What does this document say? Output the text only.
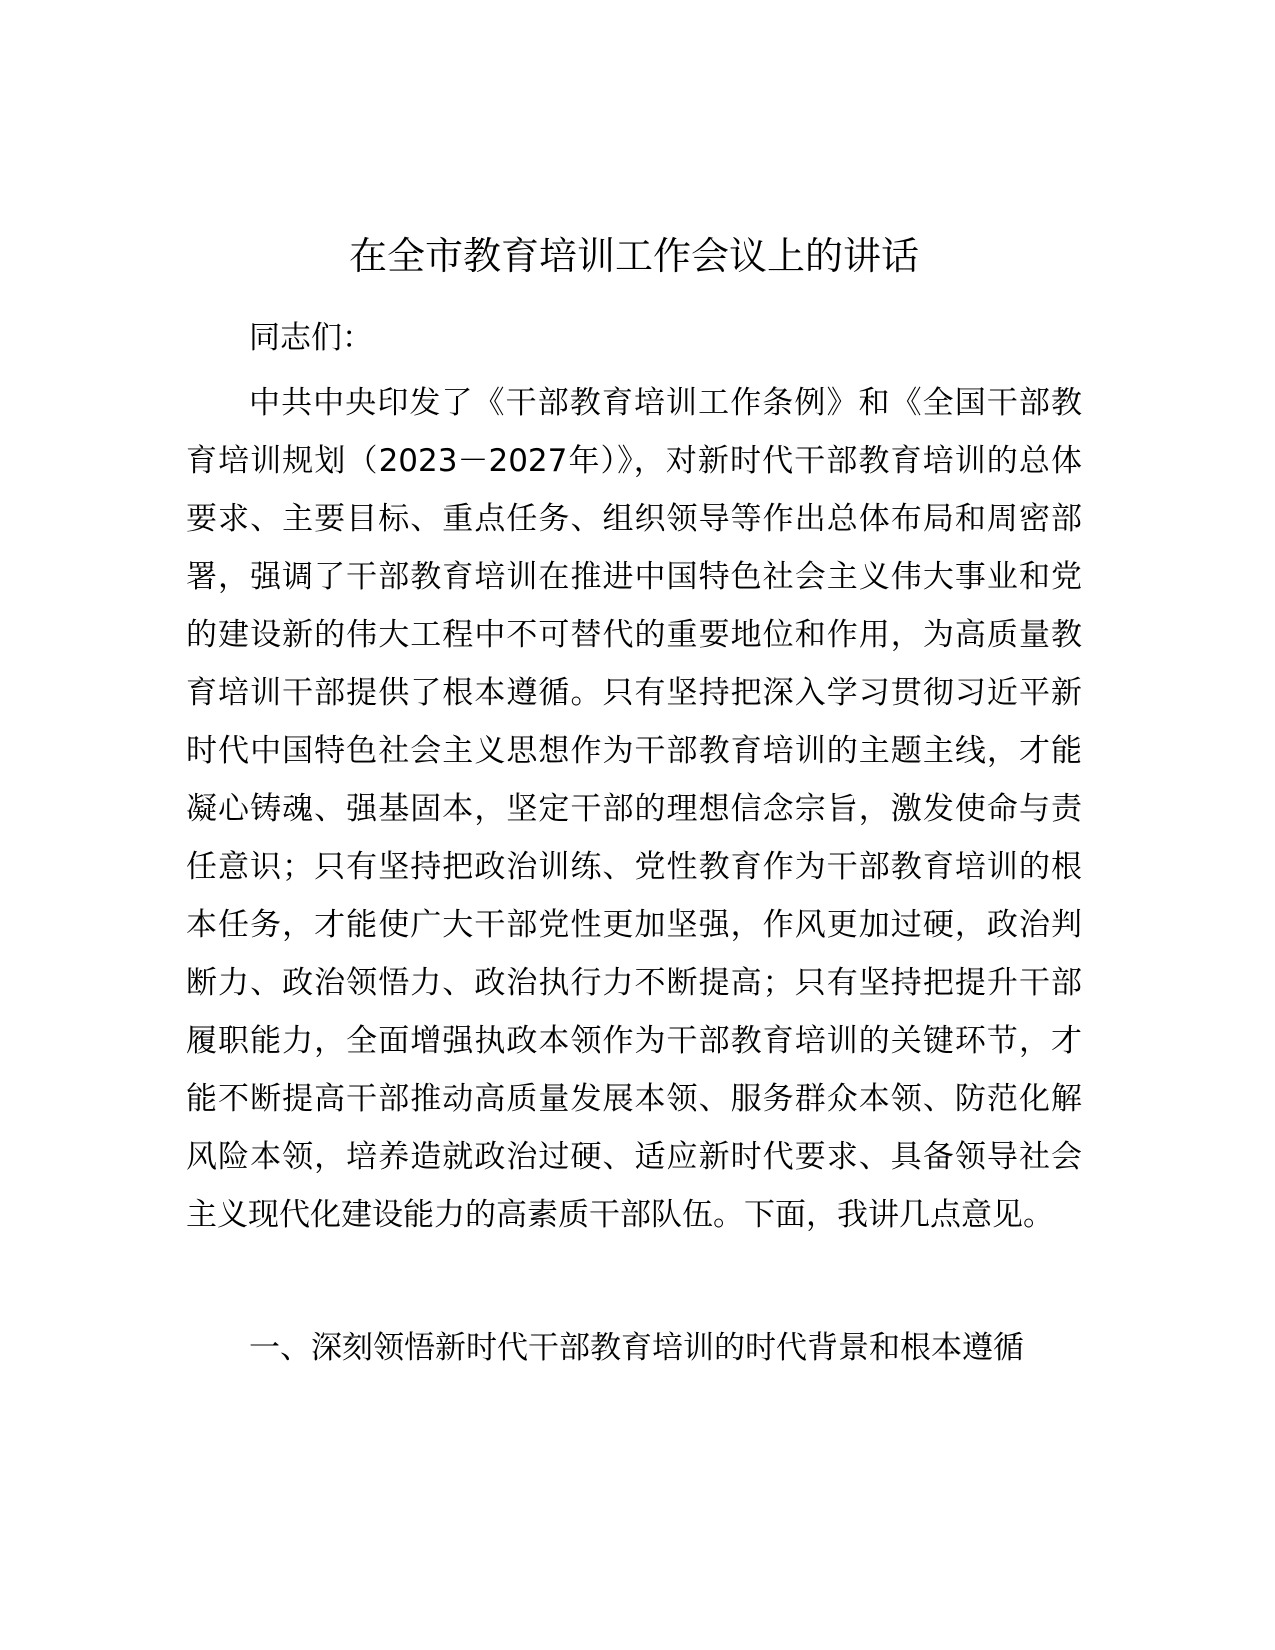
在全市教育培训工作会议上的讲话

同志们：

中共中央印发了《干部教育培训工作条例》和《全国干部教育培训规划（2023－2027年）》，对新时代干部教育培训的总体要求、主要目标、重点任务、组织领导等作出总体布局和周密部署，强调了干部教育培训在推进中国特色社会主义伟大事业和党的建设新的伟大工程中不可替代的重要地位和作用，为高质量教育培训干部提供了根本遵循。只有坚持把深入学习贯彻习近平新时代中国特色社会主义思想作为干部教育培训的主题主线，才能凝心铸魂、强基固本，坚定干部的理想信念宗旨，激发使命与责任意识；只有坚持把政治训练、党性教育作为干部教育培训的根本任务，才能使广大干部党性更加坚强，作风更加过硬，政治判断力、政治领悟力、政治执行力不断提高；只有坚持把提升干部履职能力，全面增强执政本领作为干部教育培训的关键环节，才能不断提高干部推动高质量发展本领、服务群众本领、防范化解风险本领，培养造就政治过硬、适应新时代要求、具备领导社会主义现代化建设能力的高素质干部队伍。下面，我讲几点意见。

一、深刻领悟新时代干部教育培训的时代背景和根本遵循
